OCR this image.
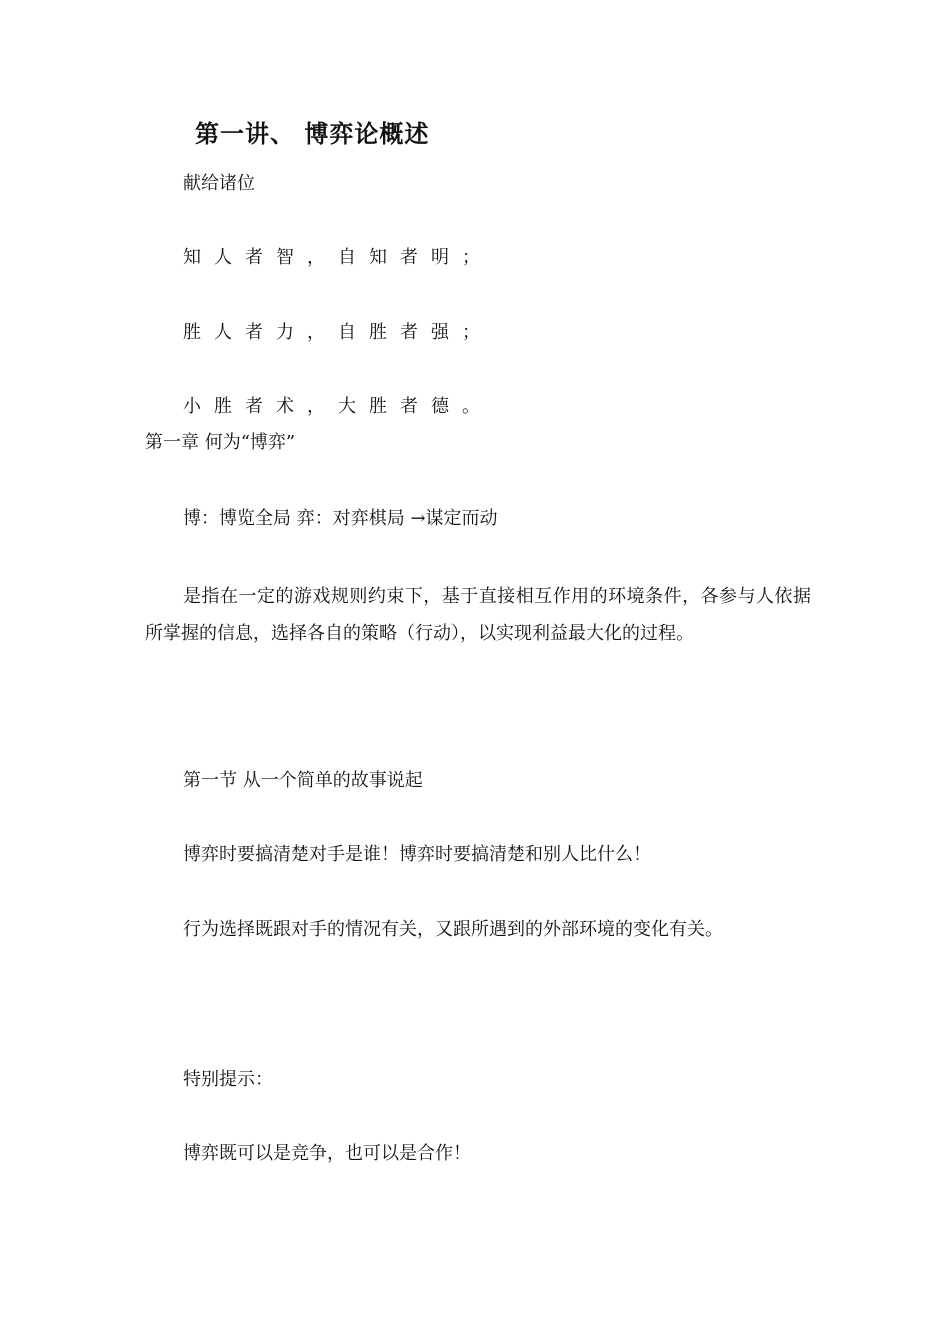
第一讲、 博弈论概述
献给诸位
知人者智，自知者明；
胜人者力，自胜者强；
小胜者术，大胜者德。
第一章 何为“博弈”
博：博览全局 弈：对弈棋局 →谋定而动
是指在一定的游戏规则约束下，基于直接相互作用的环境条件，各参与人依据所掌握的信息，选择各自的策略（行动），以实现利益最大化的过程。
第一节 从一个简单的故事说起
博弈时要搞清楚对手是谁！博弈时要搞清楚和别人比什么！
行为选择既跟对手的情况有关，又跟所遇到的外部环境的变化有关。
特别提示：
博弈既可以是竞争，也可以是合作！
